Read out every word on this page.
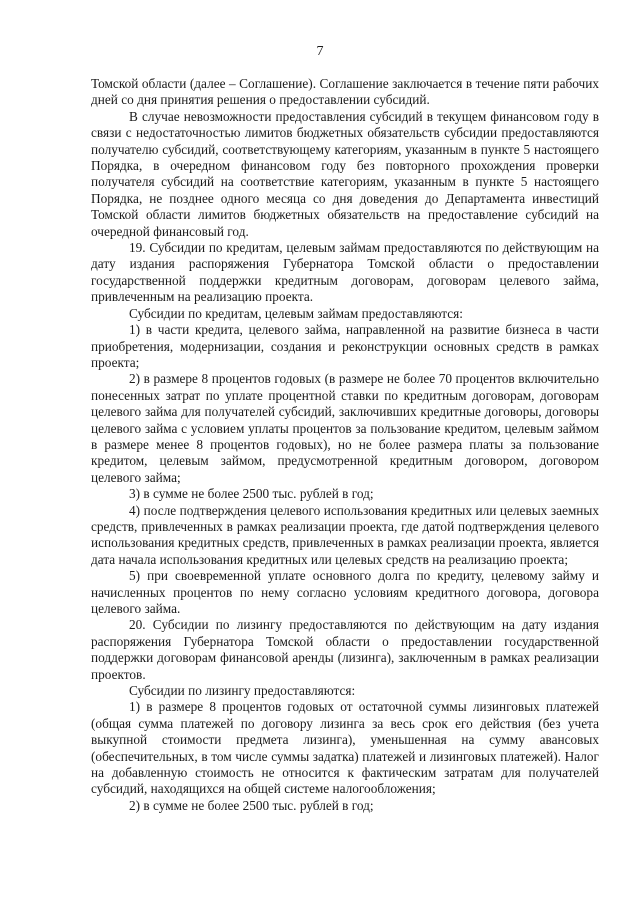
7

Томской области (далее – Соглашение). Соглашение заключается в течение пяти рабочих дней со дня принятия решения о предоставлении субсидий.

В случае невозможности предоставления субсидий в текущем финансовом году в связи с недостаточностью лимитов бюджетных обязательств субсидии предоставляются получателю субсидий, соответствующему категориям, указанным в пункте 5 настоящего Порядка, в очередном финансовом году без повторного прохождения проверки получателя субсидий на соответствие категориям, указанным в пункте 5 настоящего Порядка, не позднее одного месяца со дня доведения до Департамента инвестиций Томской области лимитов бюджетных обязательств на предоставление субсидий на очередной финансовый год.

19. Субсидии по кредитам, целевым займам предоставляются по действующим на дату издания распоряжения Губернатора Томской области о предоставлении государственной поддержки кредитным договорам, договорам целевого займа, привлеченным на реализацию проекта.

Субсидии по кредитам, целевым займам предоставляются:

1) в части кредита, целевого займа, направленной на развитие бизнеса в части приобретения, модернизации, создания и реконструкции основных средств в рамках проекта;

2) в размере 8 процентов годовых (в размере не более 70 процентов включительно понесенных затрат по уплате процентной ставки по кредитным договорам, договорам целевого займа для получателей субсидий, заключивших кредитные договоры, договоры целевого займа с условием уплаты процентов за пользование кредитом, целевым займом в размере менее 8 процентов годовых), но не более размера платы за пользование кредитом, целевым займом, предусмотренной кредитным договором, договором целевого займа;

3) в сумме не более 2500 тыс. рублей в год;

4) после подтверждения целевого использования кредитных или целевых заемных средств, привлеченных в рамках реализации проекта, где датой подтверждения целевого использования кредитных средств, привлеченных в рамках реализации проекта, является дата начала использования кредитных или целевых средств на реализацию проекта;

5) при своевременной уплате основного долга по кредиту, целевому займу и начисленных процентов по нему согласно условиям кредитного договора, договора целевого займа.

20. Субсидии по лизингу предоставляются по действующим на дату издания распоряжения Губернатора Томской области о предоставлении государственной поддержки договорам финансовой аренды (лизинга), заключенным в рамках реализации проектов.

Субсидии по лизингу предоставляются:

1) в размере 8 процентов годовых от остаточной суммы лизинговых платежей (общая сумма платежей по договору лизинга за весь срок его действия (без учета выкупной стоимости предмета лизинга), уменьшенная на сумму авансовых (обеспечительных, в том числе суммы задатка) платежей и лизинговых платежей). Налог на добавленную стоимость не относится к фактическим затратам для получателей субсидий, находящихся на общей системе налогообложения;

2) в сумме не более 2500 тыс. рублей в год;
